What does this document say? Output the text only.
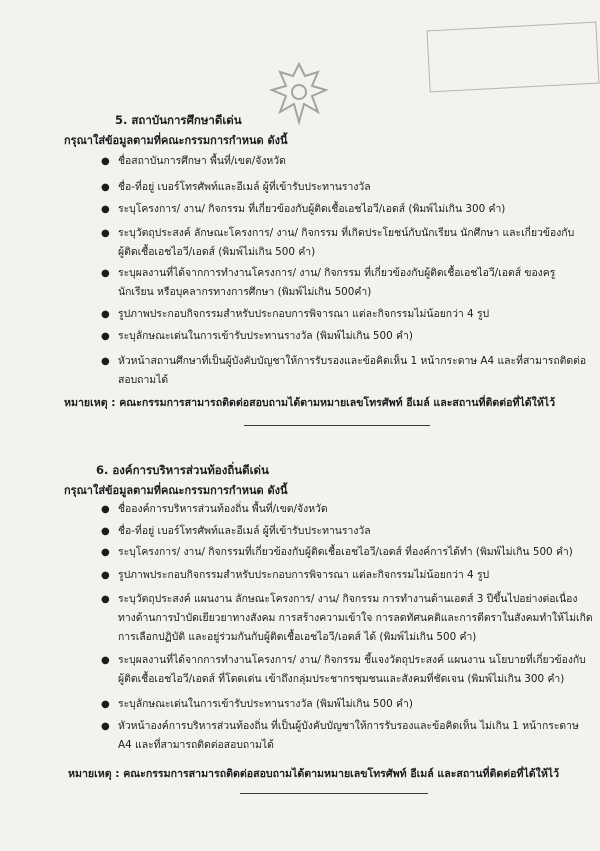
5. สถาบันการศึกษาดีเด่น
กรุณาใส่ข้อมูลตามที่คณะกรรมการกำหนด ดังนี้
● ชื่อสถาบันการศึกษา พื้นที่/เขต/จังหวัด
● ชื่อ-ที่อยู่ เบอร์โทรศัพท์และอีเมล์ ผู้ที่เข้ารับประทานรางวัล
● ระบุโครงการ/ งาน/ กิจกรรม ที่เกี่ยวข้องกับผู้ติดเชื้อเอชไอวี/เอดส์ (พิมพ์ไม่เกิน 300 คำ)
● ระบุวัตถุประสงค์ ลักษณะโครงการ/ งาน/ กิจกรรม ที่เกิดประโยชน์กับนักเรียน นักศึกษา และเกี่ยวข้องกับ
ผู้ติดเชื้อเอชไอวี/เอดส์ (พิมพ์ไม่เกิน 500 คำ)
● ระบุผลงานที่ได้จากการทำงานโครงการ/ งาน/ กิจกรรม ที่เกี่ยวข้องกับผู้ติดเชื้อเอชไอวี/เอดส์ ของครู
นักเรียน หรือบุคลากรทางการศึกษา (พิมพ์ไม่เกิน 500คำ)
● รูปภาพประกอบกิจกรรมสำหรับประกอบการพิจารณา แต่ละกิจกรรมไม่น้อยกว่า 4 รูป
● ระบุลักษณะเด่นในการเข้ารับประทานรางวัล (พิมพ์ไม่เกิน 500 คำ)
● หัวหน้าสถานศึกษาที่เป็นผู้บังคับบัญชาให้การรับรองและข้อคิดเห็น 1 หน้ากระดาษ A4 และที่สามารถติดต่อ
สอบถามได้
หมายเหตุ : คณะกรรมการสามารถติดต่อสอบถามได้ตามหมายเลขโทรศัพท์ อีเมล์ และสถานที่ติดต่อที่ได้ให้ไว้
6. องค์การบริหารส่วนท้องถิ่นดีเด่น
กรุณาใส่ข้อมูลตามที่คณะกรรมการกำหนด ดังนี้
● ชื่อองค์การบริหารส่วนท้องถิ่น พื้นที่/เขต/จังหวัด
● ชื่อ-ที่อยู่ เบอร์โทรศัพท์และอีเมล์ ผู้ที่เข้ารับประทานรางวัล
● ระบุโครงการ/ งาน/ กิจกรรมที่เกี่ยวข้องกับผู้ติดเชื้อเอชไอวี/เอดส์ ที่องค์การได้ทำ (พิมพ์ไม่เกิน 500 คำ)
● รูปภาพประกอบกิจกรรมสำหรับประกอบการพิจารณา แต่ละกิจกรรมไม่น้อยกว่า 4 รูป
● ระบุวัตถุประสงค์ แผนงาน ลักษณะโครงการ/ งาน/ กิจกรรม การทำงานด้านเอดส์ 3 ปีขึ้นไปอย่างต่อเนื่อง
ทางด้านการบำบัดเยียวยาทางสังคม การสร้างความเข้าใจ การลดทัศนคติและการตีตราในสังคมทำให้ไม่เกิด
การเลือกปฏิบัติ และอยู่ร่วมกันกับผู้ติดเชื้อเอชไอวี/เอดส์ ได้ (พิมพ์ไม่เกิน 500 คำ)
● ระบุผลงานที่ได้จากการทำงานโครงการ/ งาน/ กิจกรรม ชี้แจงวัตถุประสงค์ แผนงาน นโยบายที่เกี่ยวข้องกับ
ผู้ติดเชื้อเอชไอวี/เอดส์ ที่โดดเด่น เข้าถึงกลุ่มประชากรชุมชนและสังคมที่ชัดเจน (พิมพ์ไม่เกิน 300 คำ)
● ระบุลักษณะเด่นในการเข้ารับประทานรางวัล (พิมพ์ไม่เกิน 500 คำ)
● หัวหน้าองค์การบริหารส่วนท้องถิ่น ที่เป็นผู้บังคับบัญชาให้การรับรองและข้อคิดเห็น ไม่เกิน 1 หน้ากระดาษ
A4 และที่สามารถติดต่อสอบถามได้
หมายเหตุ : คณะกรรมการสามารถติดต่อสอบถามได้ตามหมายเลขโทรศัพท์ อีเมล์ และสถานที่ติดต่อที่ได้ให้ไว้
